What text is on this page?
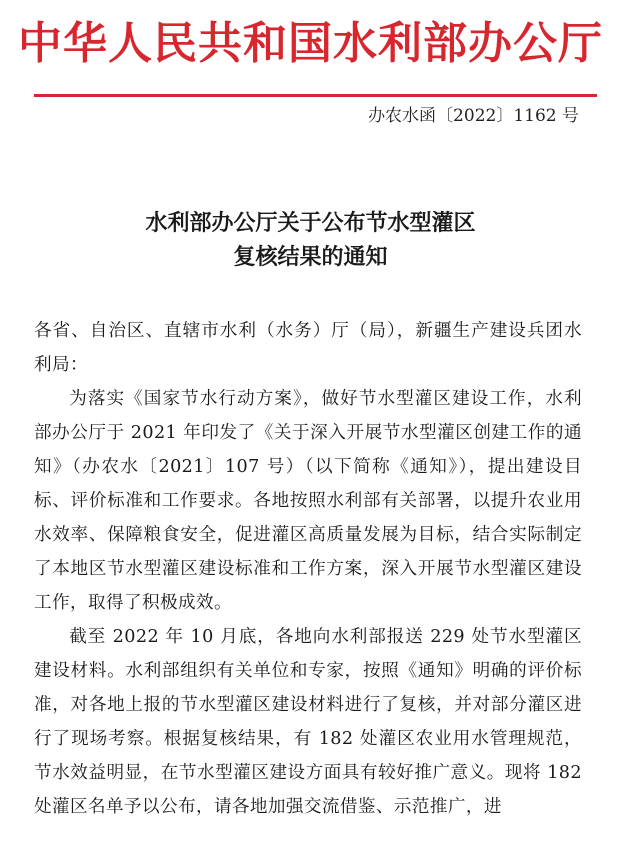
中华人民共和国水利部办公厅
办农水函〔2022〕1162 号
水利部办公厅关于公布节水型灌区
复核结果的通知

各省、自治区、直辖市水利（水务）厅（局），新疆生产建设兵团水利局：

为落实《国家节水行动方案》，做好节水型灌区建设工作，水利部办公厅于 2021 年印发了《关于深入开展节水型灌区创建工作的通知》（办农水〔2021〕107 号）（以下简称《通知》），提出建设目标、评价标准和工作要求。各地按照水利部有关部署，以提升农业用水效率、保障粮食安全，促进灌区高质量发展为目标，结合实际制定了本地区节水型灌区建设标准和工作方案，深入开展节水型灌区建设工作，取得了积极成效。

截至 2022 年 10 月底，各地向水利部报送 229 处节水型灌区建设材料。水利部组织有关单位和专家，按照《通知》明确的评价标准，对各地上报的节水型灌区建设材料进行了复核，并对部分灌区进行了现场考察。根据复核结果，有 182 处灌区农业用水管理规范，节水效益明显，在节水型灌区建设方面具有较好推广意义。现将 182 处灌区名单予以公布，请各地加强交流借鉴、示范推广，进
